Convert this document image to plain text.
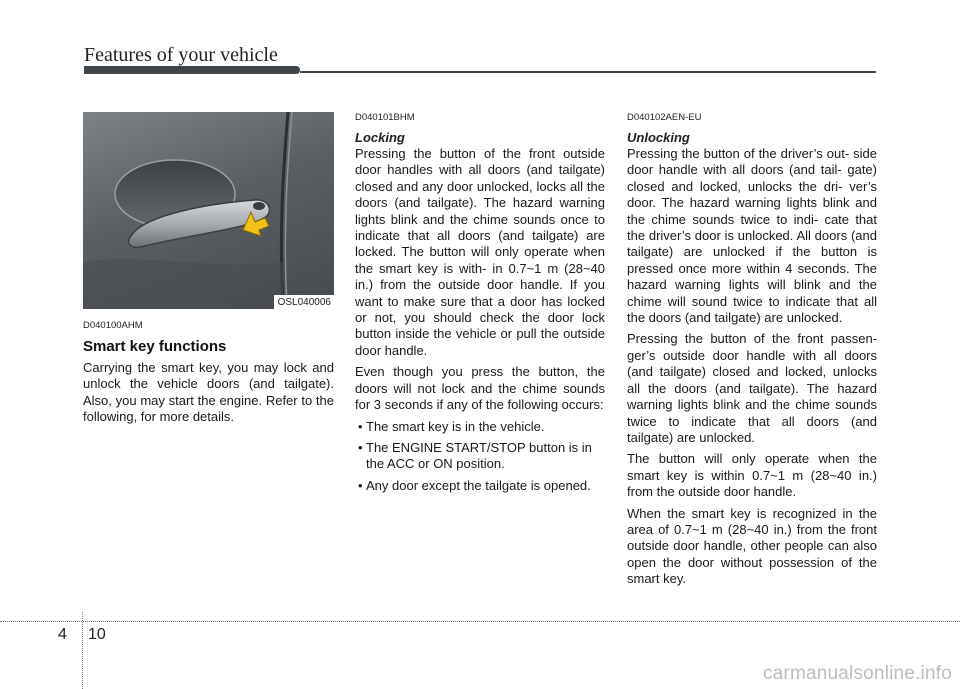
Features of your vehicle
OSL040006
D040100AHM
Smart key functions

Carrying the smart key, you may lock and unlock the vehicle doors (and tailgate). Also, you may start the engine. Refer to the following, for more details.

D040101BHM
Locking

Pressing the button of the front outside door handles with all doors (and tailgate) closed and any door unlocked, locks all the doors (and tailgate). The hazard warning lights blink and the chime sounds once to indicate that all doors (and tailgate) are locked. The button will only operate when the smart key is with- in 0.7~1 m (28~40 in.) from the outside door handle. If you want to make sure that a door has locked or not, you should check the door lock button inside the vehicle or pull the outside door handle.

Even though you press the button, the doors will not lock and the chime sounds for 3 seconds if any of the following occurs:

• The smart key is in the vehicle.
• The ENGINE START/STOP button is in the ACC or ON position.
• Any door except the tailgate is opened.
D040102AEN-EU
Unlocking

Pressing the button of the driver’s out- side door handle with all doors (and tail- gate) closed and locked, unlocks the dri- ver’s door. The hazard warning lights blink and the chime sounds twice to indi- cate that the driver’s door is unlocked. All doors (and tailgate) are unlocked if the button is pressed once more within 4 seconds. The hazard warning lights will blink and the chime will sound twice to indicate that all the doors (and tailgate) are unlocked.

Pressing the button of the front passen- ger’s outside door handle with all doors (and tailgate) closed and locked, unlocks all the doors (and tailgate). The hazard warning lights blink and the chime sounds twice to indicate that all doors (and tailgate) are unlocked.

The button will only operate when the smart key is within 0.7~1 m (28~40 in.) from the outside door handle.

When the smart key is recognized in the area of 0.7~1 m (28~40 in.) from the front outside door handle, other people can also open the door without possession of the smart key.

4 10
carmanualsonline.info
